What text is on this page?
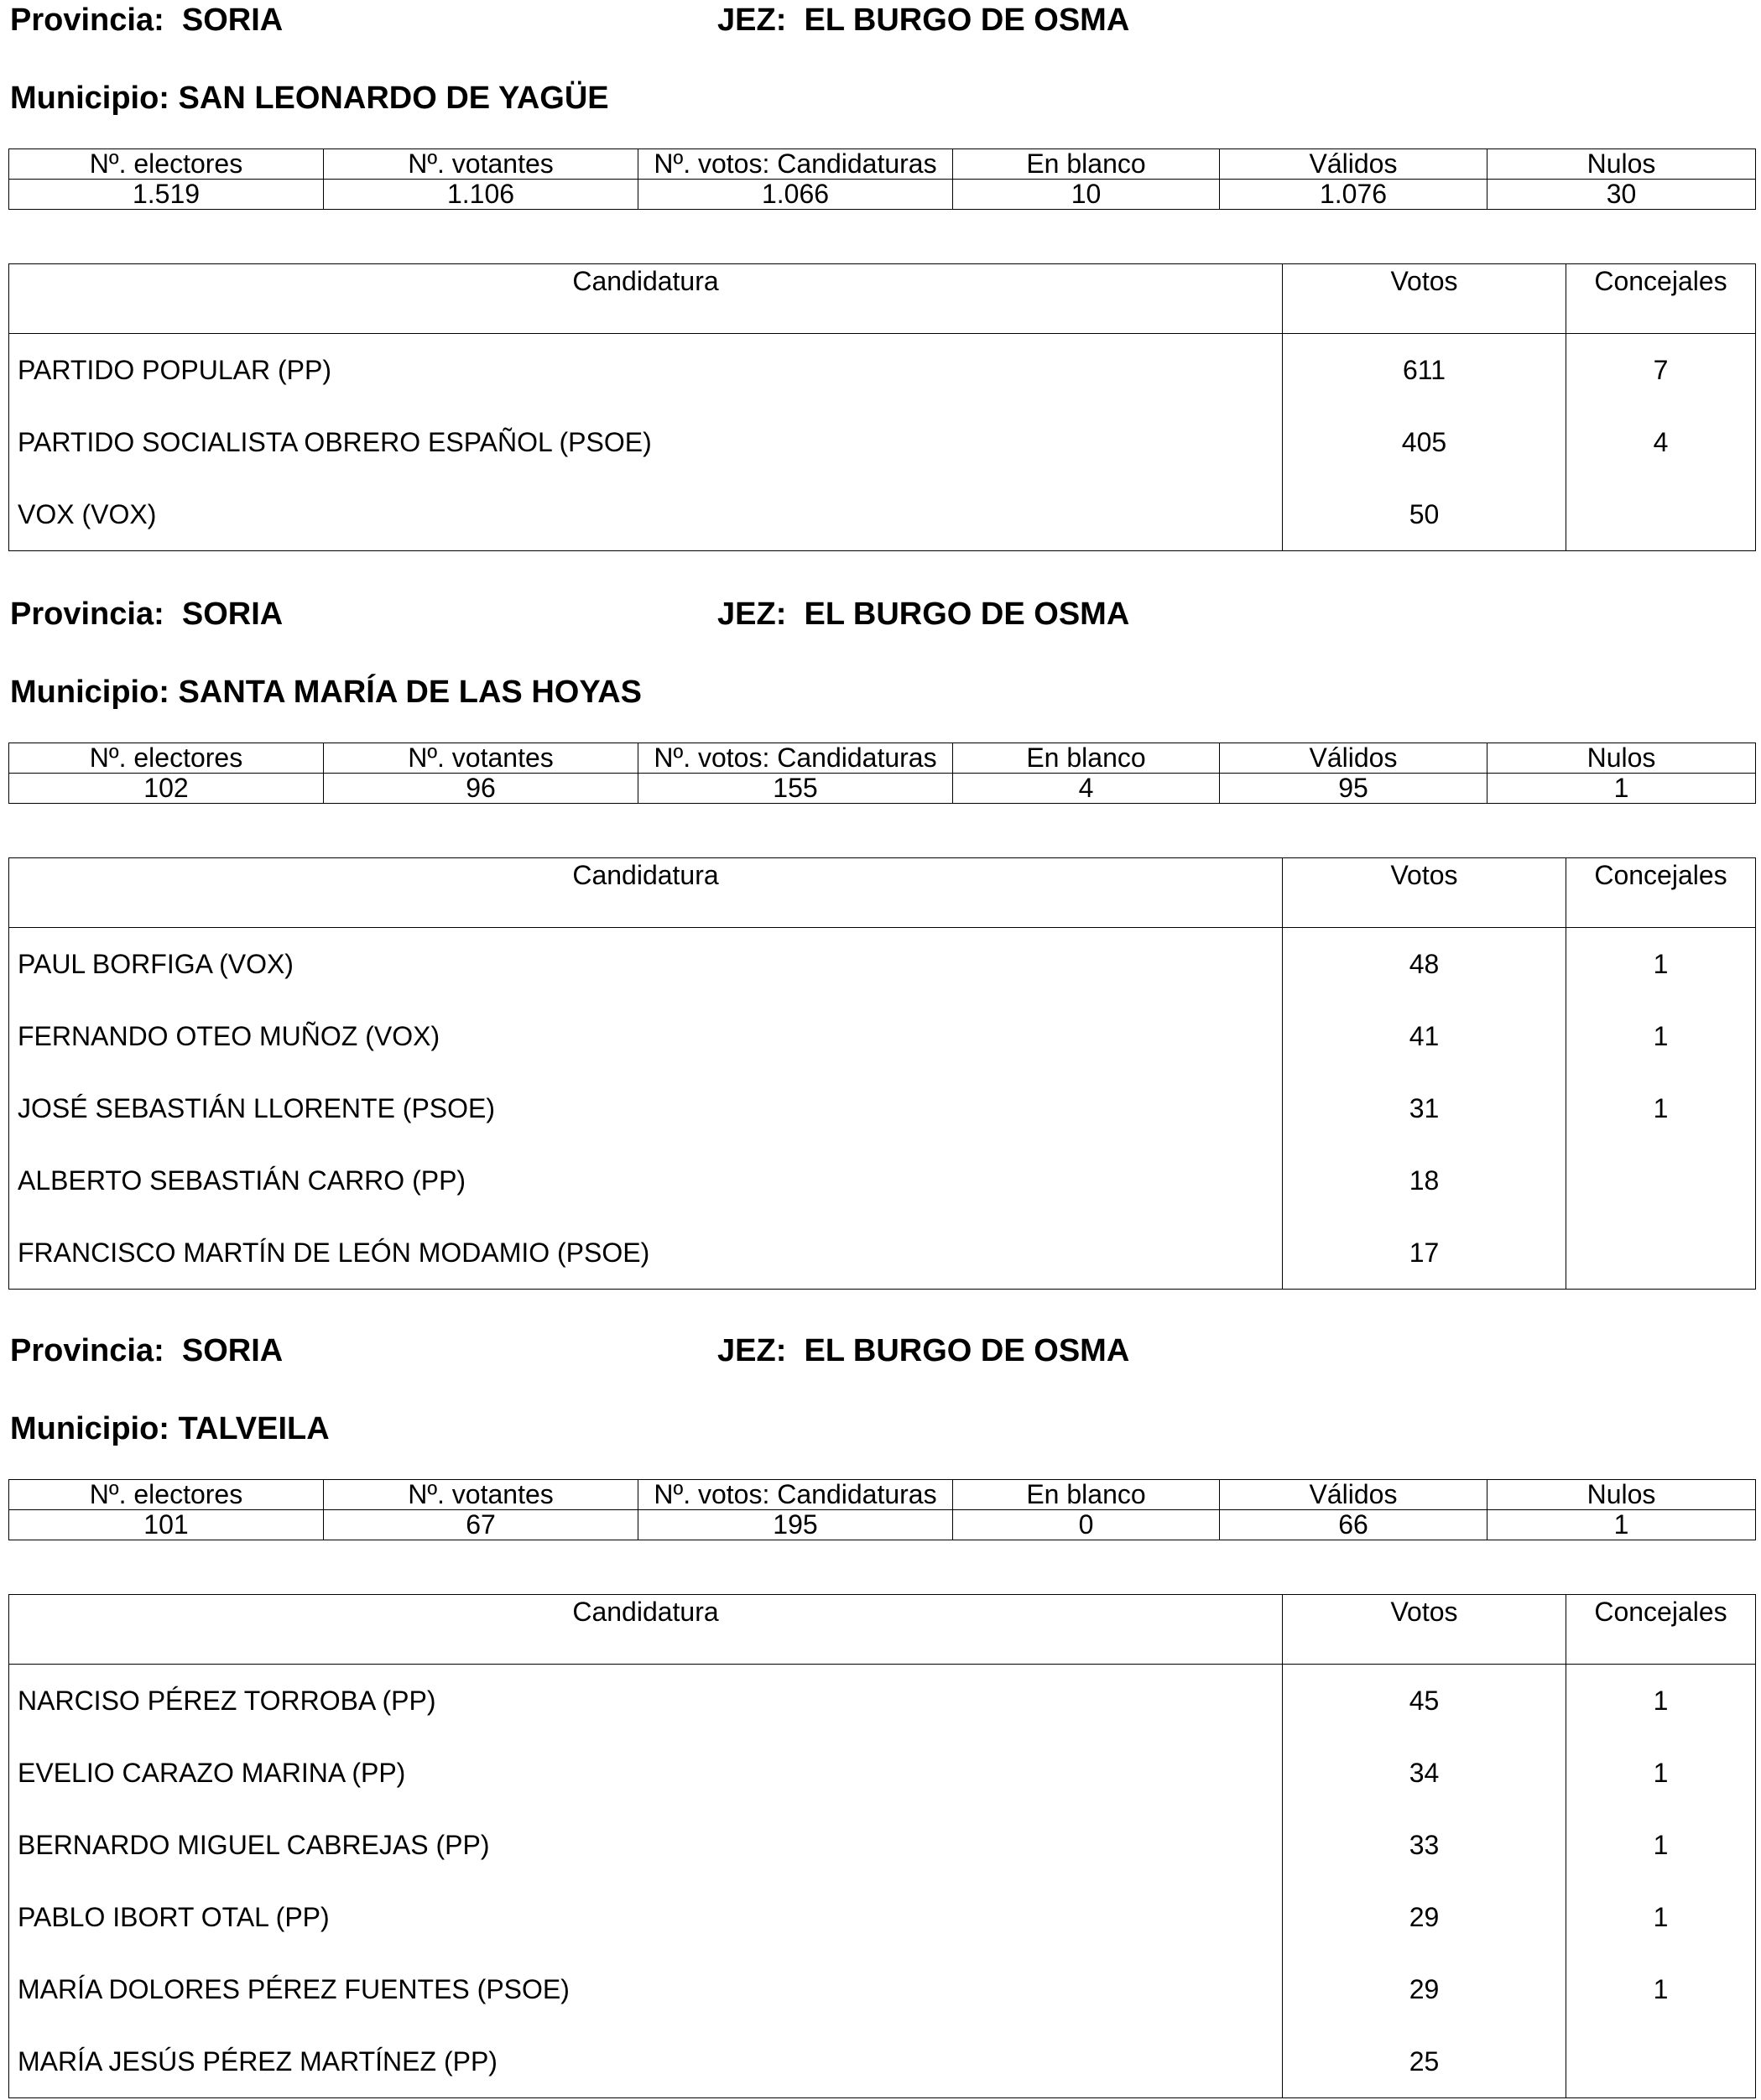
Provincia: SORIA	JEZ: EL BURGO DE OSMA
Municipio: SAN LEONARDO DE YAGÜE
Nº. electores	Nº. votantes	Nº. votos: Candidaturas	En blanco	Válidos	Nulos
1.519	1.106	1.066	10	1.076	30
Candidatura	Votos	Concejales
PARTIDO POPULAR (PP)	611	7
PARTIDO SOCIALISTA OBRERO ESPAÑOL (PSOE)	405	4
VOX (VOX)	50	
Provincia: SORIA	JEZ: EL BURGO DE OSMA
Municipio: SANTA MARÍA DE LAS HOYAS
Nº. electores	Nº. votantes	Nº. votos: Candidaturas	En blanco	Válidos	Nulos
102	96	155	4	95	1
Candidatura	Votos	Concejales
PAUL BORFIGA (VOX)	48	1
FERNANDO OTEO MUÑOZ (VOX)	41	1
JOSÉ SEBASTIÁN LLORENTE (PSOE)	31	1
ALBERTO SEBASTIÁN CARRO (PP)	18	
FRANCISCO MARTÍN DE LEÓN MODAMIO (PSOE)	17	
Provincia: SORIA	JEZ: EL BURGO DE OSMA
Municipio: TALVEILA
Nº. electores	Nº. votantes	Nº. votos: Candidaturas	En blanco	Válidos	Nulos
101	67	195	0	66	1
Candidatura	Votos	Concejales
NARCISO PÉREZ TORROBA (PP)	45	1
EVELIO CARAZO MARINA (PP)	34	1
BERNARDO MIGUEL CABREJAS (PP)	33	1
PABLO IBORT OTAL (PP)	29	1
MARÍA DOLORES PÉREZ FUENTES (PSOE)	29	1
MARÍA JESÚS PÉREZ MARTÍNEZ (PP)	25	
